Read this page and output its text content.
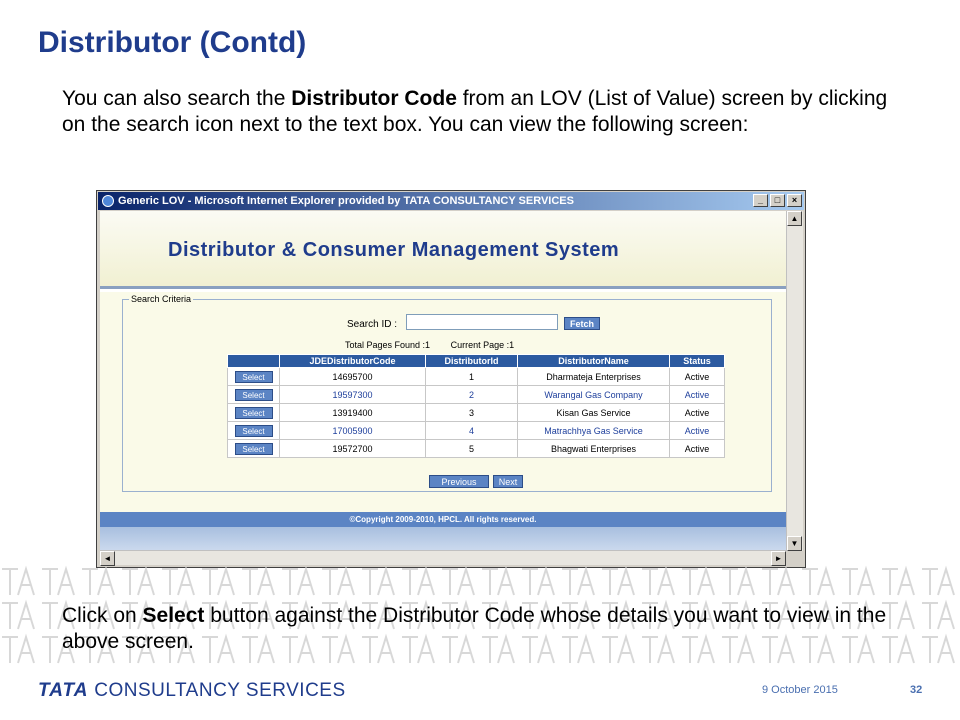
Distributor (Contd)
You can also search the Distributor Code from an LOV (List of Value) screen by clicking on the search icon next to the text box. You can view the following screen:
Generic LOV - Microsoft Internet Explorer provided by TATA CONSULTANCY SERVICES	_	□	×
Distributor & Consumer Management System
Search Criteria
Search ID :	Fetch
Total Pages Found :1 Current Page :1
	JDEDistributorCode	DistributorId	DistributorName	Status
Select	14695700	1	Dharmateja Enterprises	Active
Select	19597300	2	Warangal Gas Company	Active
Select	13919400	3	Kisan Gas Service	Active
Select	17005900	4	Matrachhya Gas Service	Active
Select	19572700	5	Bhagwati Enterprises	Active
Previous	Next
©Copyright 2009-2010, HPCL. All rights reserved.
▲
▼
◄	►
Click on Select button against the Distributor Code whose details you want to view in the above screen.
TATA CONSULTANCY SERVICES	9 October 2015	32
